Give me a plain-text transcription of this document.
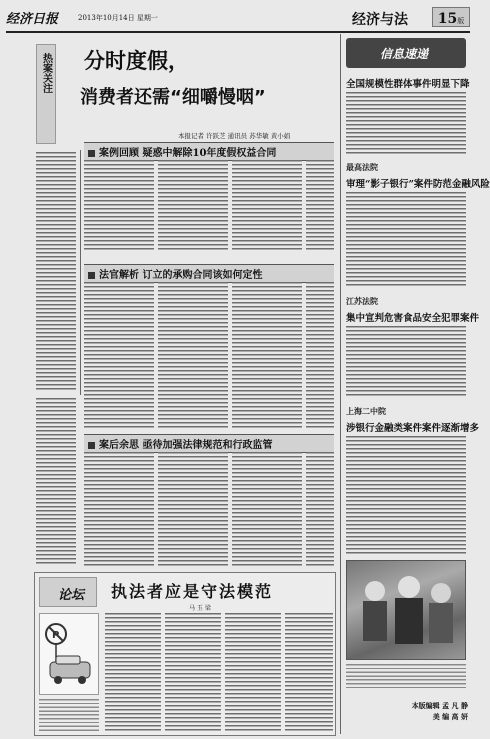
经济日报	2013年10月14日 星期一	经济与法	15版
热案关注 分时度假，
消费者还需“细嚼慢咽”
本报记者 许跃芝 通讯员 苏华敏 黄小娟
案例回顾 疑惑中解除10年度假权益合同
法官解析 订立的承购合同该如何定性
案后余思 亟待加强法律规范和行政监管
论坛 执法者应是守法模范
马 玉 梁
P
信息速递
全国规模性群体事件明显下降
最高法院
审理“影子银行”案件防范金融风险
江苏法院
集中宣判危害食品安全犯罪案件
上海二中院
涉银行金融类案件案件逐渐增多
本版编辑 孟 凡 静
美 编 高 妍
